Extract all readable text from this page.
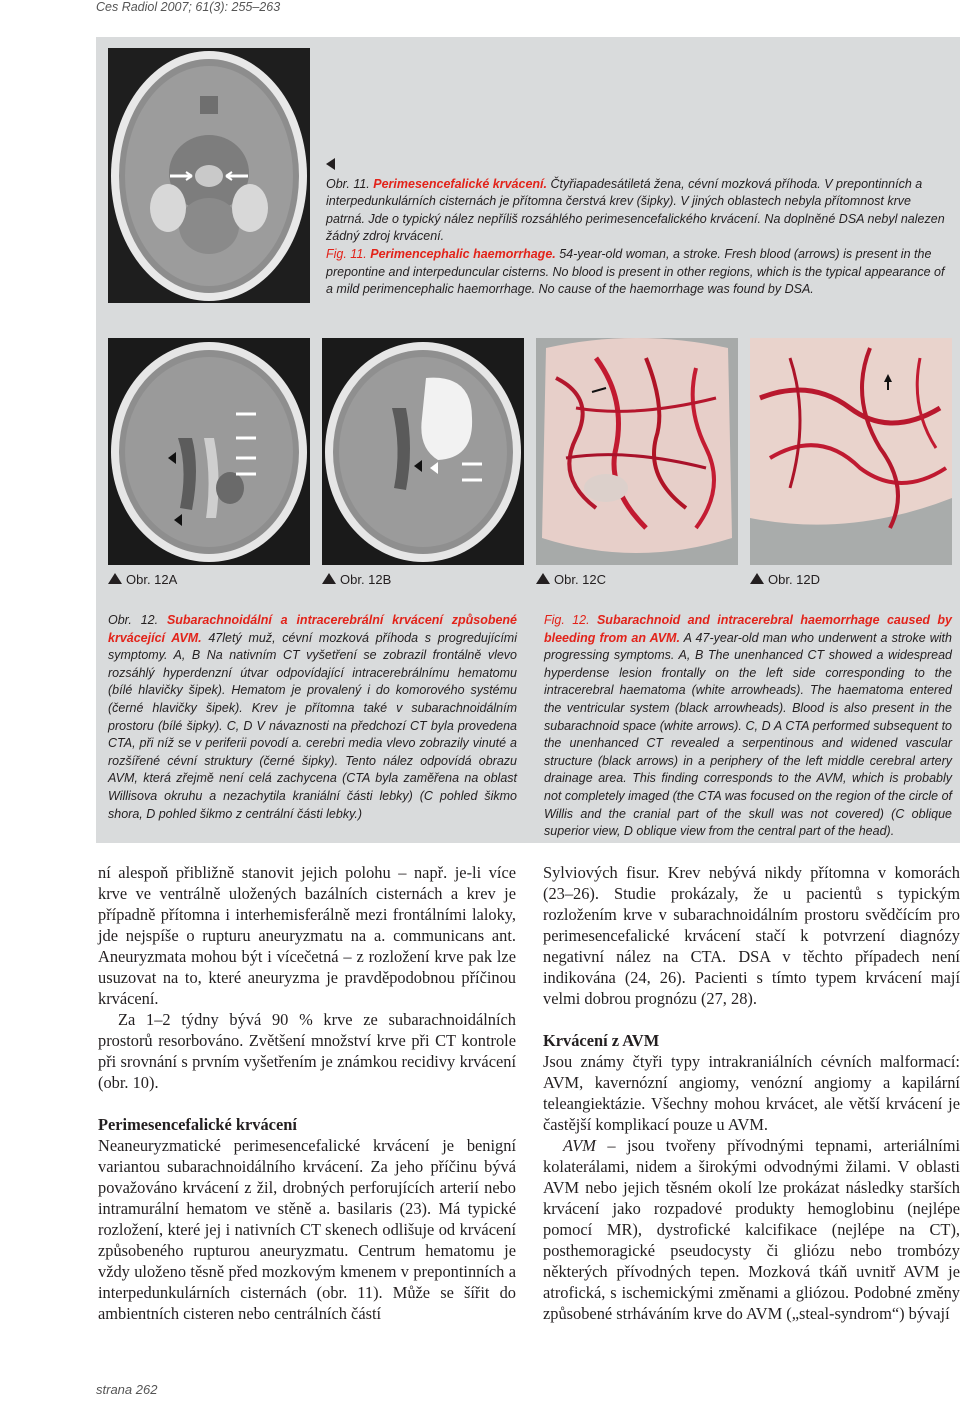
Ces Radiol 2007; 61(3): 255–263

Obr. 11. Perimesencefalické krvácení. Čtyřiapadesátiletá žena, cévní mozková příhoda. V prepontinních a interpedunkulárních cisternách je přítomna čerstvá krev (šipky). V jiných oblastech nebyla přítomnost krve patrná. Jde o typický nález nepříliš rozsáhlého perimesencefalického krvácení. Na doplněné DSA nebyl nalezen žádný zdroj krvácení.

Fig. 11. Perimencephalic haemorrhage. 54-year-old woman, a stroke. Fresh blood (arrows) is present in the prepontine and interpeduncular cisterns. No blood is present in other regions, which is the typical appearance of a mild perimencephalic haemorrhage. No cause of the haemorrhage was found by DSA.

Obr. 12A	Obr. 12B	Obr. 12C	Obr. 12D

Obr. 12. Subarachnoidální a intracerebrální krvácení způsobené krvácející AVM. 47letý muž, cévní mozková příhoda s progredujícími symptomy. A, B Na nativním CT vyšetření se zobrazil frontálně vlevo rozsáhlý hyperdenzní útvar odpovídající intracerebrálnímu hematomu (bílé hlavičky šipek). Hematom je provalený i do komorového systému (černé hlavičky šipek). Krev je přítomna také v subarachnoidálním prostoru (bílé šipky). C, D V návaznosti na předchozí CT byla provedena CTA, při níž se v periferii povodí a. cerebri media vlevo zobrazily vinuté a rozšířené cévní struktury (černé šipky). Tento nález odpovídá obrazu AVM, která zřejmě není celá zachycena (CTA byla zaměřena na oblast Willisova okruhu a nezachytila kraniální části lebky) (C pohled šikmo shora, D pohled šikmo z centrální části lebky.)

Fig. 12. Subarachnoid and intracerebral haemorrhage caused by bleeding from an AVM. A 47-year-old man who underwent a stroke with progressing symptoms. A, B The unenhanced CT showed a widespread hyperdense lesion frontally on the left side corresponding to the intracerebral haematoma (white arrowheads). The haematoma entered the ventricular system (black arrowheads). Blood is also present in the subarachnoid space (white arrows). C, D A CTA performed subsequent to the unenhanced CT revealed a serpentinous and widened vascular structure (black arrows) in a periphery of the left middle cerebral artery drainage area. This finding corresponds to the AVM, which is probably not completely imaged (the CTA was focused on the region of the circle of Willis and the cranial part of the skull was not covered) (C oblique superior view, D oblique view from the central part of the head).

ní alespoň přibližně stanovit jejich polohu – např. je-li více krve ve ventrálně uložených bazálních cisternách a krev je případně přítomna i interhemisferálně mezi frontálními laloky, jde nejspíše o rupturu aneuryzmatu na a. communicans ant. Aneuryzmata mohou být i vícečetná – z rozložení krve pak lze usuzovat na to, které aneuryzma je pravděpodobnou příčinou krvácení.

Za 1–2 týdny bývá 90 % krve ze subarachnoidálních prostorů resorbováno. Zvětšení množství krve při CT kontrole při srovnání s prvním vyšetřením je známkou recidivy krvácení (obr. 10).

Perimesencefalické krvácení

Neaneuryzmatické perimesencefalické krvácení je benigní variantou subarachnoidálního krvácení. Za jeho příčinu bývá považováno krvácení z žil, drobných perforujících arterií nebo intramurální hematom ve stěně a. basilaris (23). Má typické rozložení, které jej i nativních CT skenech odlišuje od krvácení způsobeného rupturou aneuryzmatu. Centrum hematomu je vždy uloženo těsně před mozkovým kmenem v prepontinních a interpedunkulárních cisternách (obr. 11). Může se šířit do ambientních cisteren nebo centrálních částí

Sylviových fisur. Krev nebývá nikdy přítomna v komorách (23–26). Studie prokázaly, že u pacientů s typickým rozložením krve v subarachnoidálním prostoru svědčícím pro perimesencefalické krvácení stačí k potvrzení diagnózy negativní nález na CTA. DSA v těchto případech není indikována (24, 26). Pacienti s tímto typem krvácení mají velmi dobrou prognózu (27, 28).

Krvácení z AVM

Jsou známy čtyři typy intrakraniálních cévních malformací: AVM, kavernózní angiomy, venózní angiomy a kapilární teleangiektázie. Všechny mohou krvácet, ale větší krvácení je častější komplikací pouze u AVM.

AVM – jsou tvořeny přívodnými tepnami, arteriálními kolaterálami, nidem a širokými odvodnými žilami. V oblasti AVM nebo jejich těsném okolí lze prokázat následky starších krvácení jako rozpadové produkty hemoglobinu (nejlépe pomocí MR), dystrofické kalcifikace (nejlépe na CT), posthemoragické pseudocysty či gliózu nebo trombózy některých přívodných tepen. Mozková tkáň uvnitř AVM je atrofická, s ischemickými změnami a gliózou. Podobné změny způsobené strháváním krve do AVM („steal-syndrom“) bývají

strana 262
